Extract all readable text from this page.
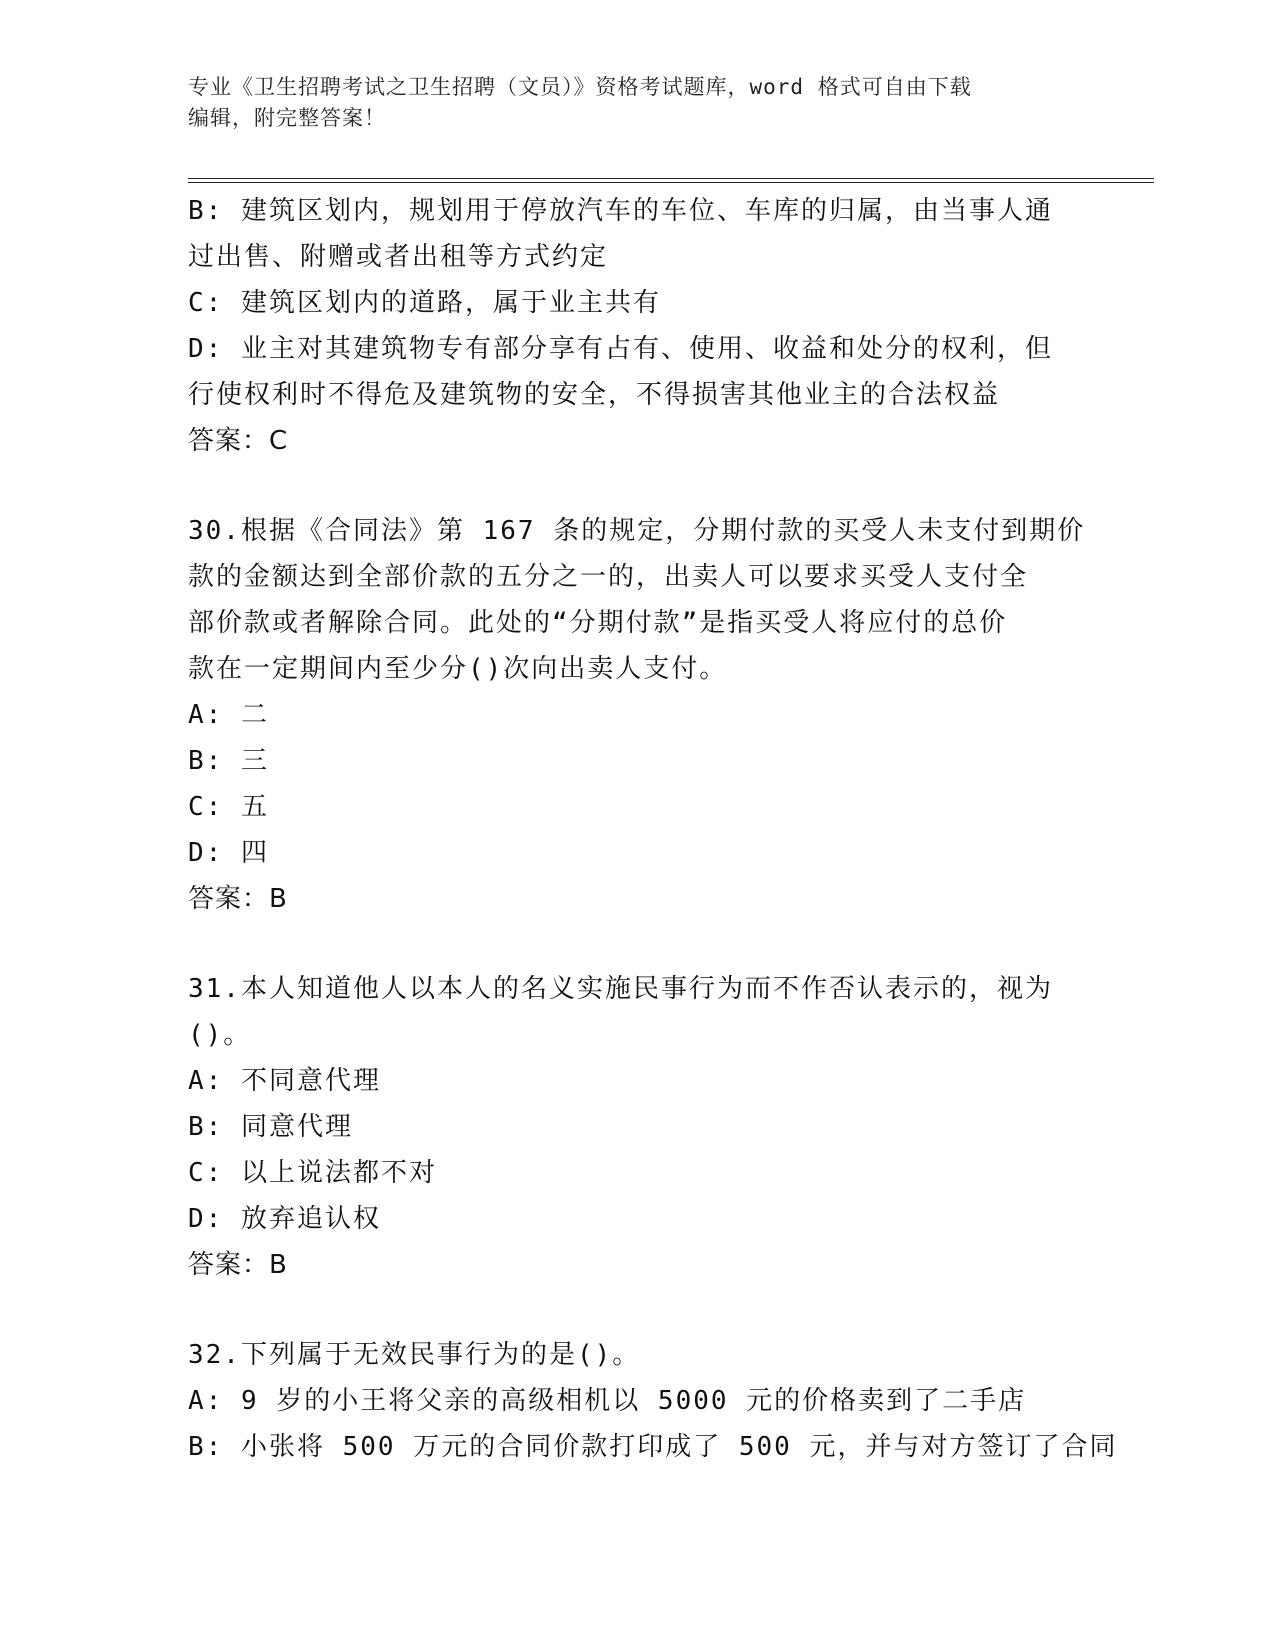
专业《卫生招聘考试之卫生招聘（文员）》资格考试题库，word 格式可自由下载
编辑，附完整答案！
B: 建筑区划内，规划用于停放汽车的车位、车库的归属，由当事人通
过出售、附赠或者出租等方式约定
C: 建筑区划内的道路，属于业主共有
D: 业主对其建筑物专有部分享有占有、使用、收益和处分的权利，但
行使权利时不得危及建筑物的安全，不得损害其他业主的合法权益
答案：C
30.根据《合同法》第 167 条的规定，分期付款的买受人未支付到期价
款的金额达到全部价款的五分之一的，出卖人可以要求买受人支付全
部价款或者解除合同。此处的“分期付款”是指买受人将应付的总价
款在一定期间内至少分()次向出卖人支付。
A: 二
B: 三
C: 五
D: 四
答案：B
31.本人知道他人以本人的名义实施民事行为而不作否认表示的，视为
()。
A: 不同意代理
B: 同意代理
C: 以上说法都不对
D: 放弃追认权
答案：B
32.下列属于无效民事行为的是()。
A: 9 岁的小王将父亲的高级相机以 5000 元的价格卖到了二手店
B: 小张将 500 万元的合同价款打印成了 500 元，并与对方签订了合同
